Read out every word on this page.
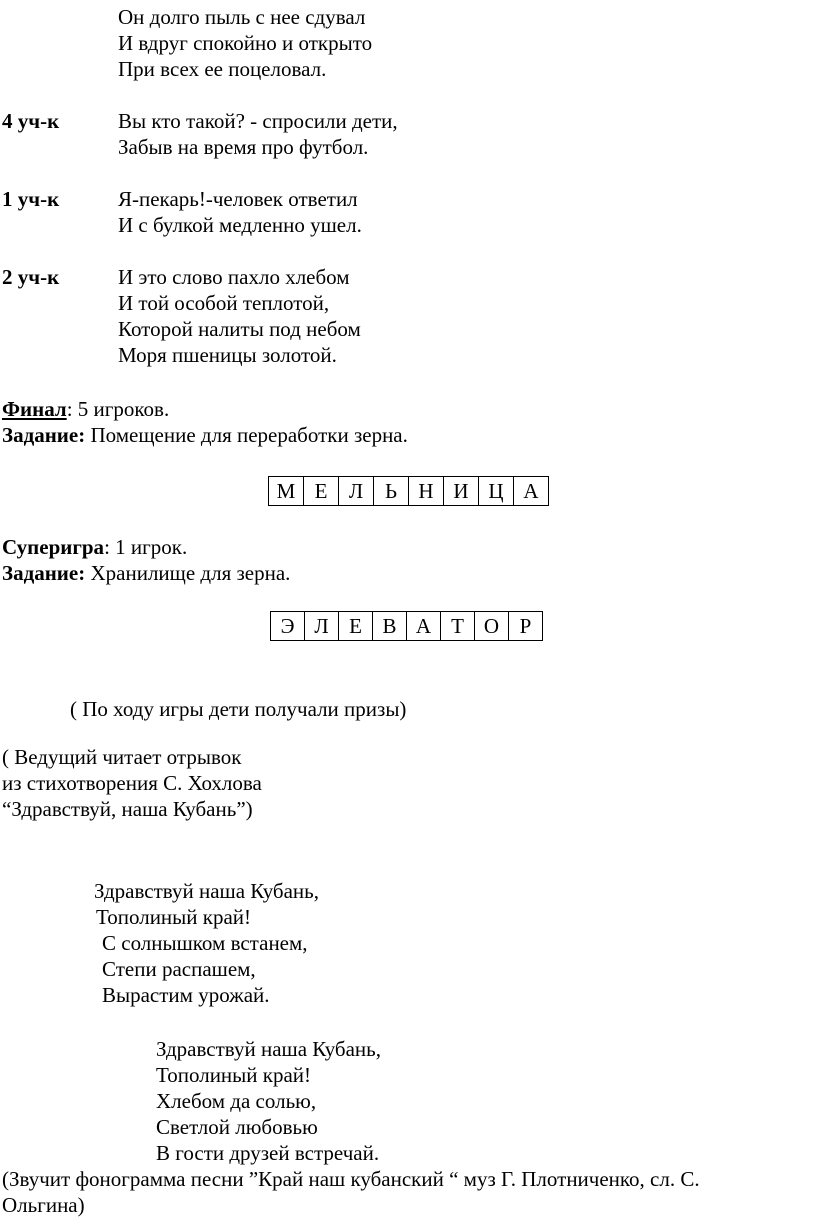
Он долго пыль с нее сдувал
И вдруг спокойно и открыто
При всех ее поцеловал.
4 уч-к	Вы кто такой? - спросили дети,
Забыв на время про футбол.
1 уч-к	Я-пекарь!-человек ответил
И с булкой медленно ушел.
2 уч-к	И это слово пахло хлебом
И той особой теплотой,
Которой налиты под небом
Моря пшеницы золотой.
Финал: 5 игроков.
Задание: Помещение для переработки зерна.
М	Е	Л	Ь	Н	И	Ц	А
Суперигра: 1 игрок.
Задание: Хранилище для зерна.
Э	Л	Е	В	А	Т	О	Р
( По ходу игры дети получали призы)
( Ведущий читает отрывок
из стихотворения С. Хохлова
“Здравствуй, наша Кубань”)
Здравствуй наша Кубань,
Тополиный край!
С солнышком встанем,
Степи распашем,
Вырастим урожай.
Здравствуй наша Кубань,
Тополиный край!
Хлебом да солью,
Светлой любовью
В гости друзей встречай.
(Звучит фонограмма песни ”Край наш кубанский “ муз Г. Плотниченко, сл. С.
Ольгина)
